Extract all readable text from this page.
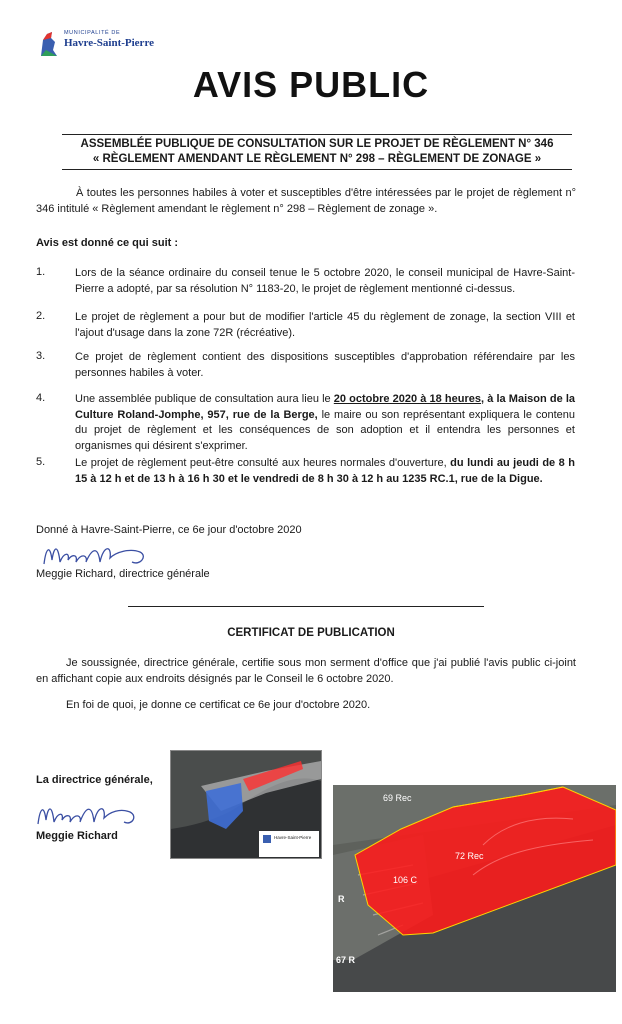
MUNICIPALITÉ DE
Havre-Saint-Pierre
AVIS PUBLIC
ASSEMBLÉE PUBLIQUE DE CONSULTATION SUR LE PROJET DE RÈGLEMENT N° 346
« RÈGLEMENT AMENDANT LE RÈGLEMENT N° 298 – RÈGLEMENT DE ZONAGE »
À toutes les personnes habiles à voter et susceptibles d'être intéressées par le projet de règlement n° 346 intitulé « Règlement amendant le règlement n° 298 – Règlement de zonage ».
Avis est donné ce qui suit :
1.	Lors de la séance ordinaire du conseil tenue le 5 octobre 2020, le conseil municipal de Havre-Saint-Pierre a adopté, par sa résolution N° 1183-20, le projet de règlement mentionné ci-dessus.
2.	Le projet de règlement a pour but de modifier l'article 45 du règlement de zonage, la section VIII et l'ajout d'usage dans la zone 72R (récréative).
3.	Ce projet de règlement contient des dispositions susceptibles d'approbation référendaire par les personnes habiles à voter.
4.	Une assemblée publique de consultation aura lieu le 20 octobre 2020 à 18 heures, à la Maison de la Culture Roland-Jomphe, 957, rue de la Berge, le maire ou son représentant expliquera le contenu du projet de règlement et les conséquences de son adoption et il entendra les personnes et organismes qui désirent s'exprimer.
5.	Le projet de règlement peut-être consulté aux heures normales d'ouverture, du lundi au jeudi de 8 h 15 à 12 h et de 13 h à 16 h 30 et le vendredi de 8 h 30 à 12 h au 1235 RC.1, rue de la Digue.
Donné à Havre-Saint-Pierre, ce 6e jour d'octobre 2020
Meggie Richard, directrice générale
CERTIFICAT DE PUBLICATION
Je soussignée, directrice générale, certifie sous mon serment d'office que j'ai publié l'avis public ci-joint en affichant copie aux endroits désignés par le Conseil le 6 octobre 2020.
En foi de quoi, je donne ce certificat ce 6e jour d'octobre 2020.
La directrice générale,
Meggie Richard	Havre-Saint-Pierre
69 Rec
72 Rec
106 C
R
67 R
